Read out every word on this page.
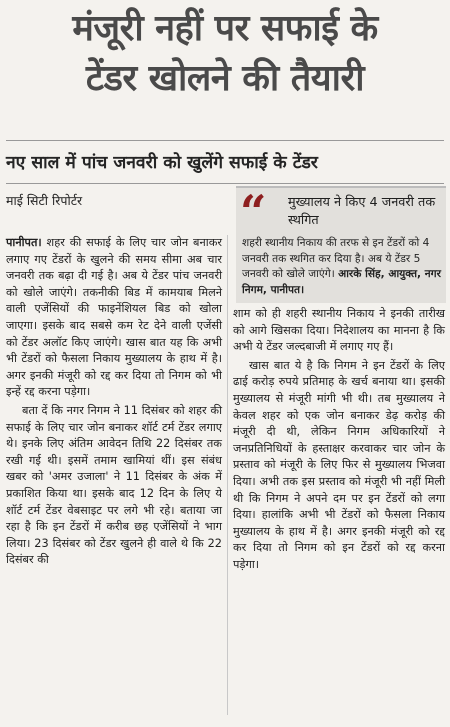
मंजूरी नहीं पर सफाई के
टेंडर खोलने की तैयारी
नए साल में पांच जनवरी को खुलेंगे सफाई के टेंडर
माई सिटी रिपोर्टर	“ मुख्यालय ने किए 4 जनवरी तक स्थगित
शहरी स्थानीय निकाय की तरफ से इन टेंडरों को 4 जनवरी तक स्थगित कर दिया है। अब ये टेंडर 5 जनवरी को खोले जाएंगे। आरके सिंह, आयुक्त, नगर निगम, पानीपत।

पानीपत। शहर की सफाई के लिए चार जोन बनाकर लगाए गए टेंडरों के खुलने की समय सीमा अब चार जनवरी तक बढ़ा दी गई है। अब ये टेंडर पांच जनवरी को खोले जाएंगे। तकनीकी बिड में कामयाब मिलने वाली एजेंसियों की फाइनेंशियल बिड को खोला जाएगा। इसके बाद सबसे कम रेट देने वाली एजेंसी को टेंडर अलॉट किए जाएंगे। खास बात यह कि अभी भी टेंडरों को फैसला निकाय मुख्यालय के हाथ में है। अगर इनकी मंजूरी को रद्द कर दिया तो निगम को भी इन्हें रद्द करना पड़ेगा।

बता दें कि नगर निगम ने 11 दिसंबर को शहर की सफाई के लिए चार जोन बनाकर शॉर्ट टर्म टेंडर लगाए थे। इनके लिए अंतिम आवेदन तिथि 22 दिसंबर तक रखी गई थी। इसमें तमाम खामियां थीं। इस संबंध खबर को 'अमर उजाला' ने 11 दिसंबर के अंक में प्रकाशित किया था। इसके बाद 12 दिन के लिए ये शॉर्ट टर्म टेंडर वेबसाइट पर लगे भी रहे। बताया जा रहा है कि इन टेंडरों में करीब छह एजेंसियों ने भाग लिया। 23 दिसंबर को टेंडर खुलने ही वाले थे कि 22 दिसंबर की

शाम को ही शहरी स्थानीय निकाय ने इनकी तारीख को आगे खिसका दिया। निदेशालय का मानना है कि अभी ये टेंडर जल्दबाजी में लगाए गए हैं।

खास बात ये है कि निगम ने इन टेंडरों के लिए ढाई करोड़ रुपये प्रतिमाह के खर्च बनाया था। इसकी मुख्यालय से मंजूरी मांगी भी थी। तब मुख्यालय ने केवल शहर को एक जोन बनाकर डेढ़ करोड़ की मंजूरी दी थी, लेकिन निगम अधिकारियों ने जनप्रतिनिधियों के हस्ताक्षर करवाकर चार जोन के प्रस्ताव को मंजूरी के लिए फिर से मुख्यालय भिजवा दिया। अभी तक इस प्रस्ताव को मंजूरी भी नहीं मिली थी कि निगम ने अपने दम पर इन टेंडरों को लगा दिया। हालांकि अभी भी टेंडरों को फैसला निकाय मुख्यालय के हाथ में है। अगर इनकी मंजूरी को रद्द कर दिया तो निगम को इन टेंडरों को रद्द करना पड़ेगा।
